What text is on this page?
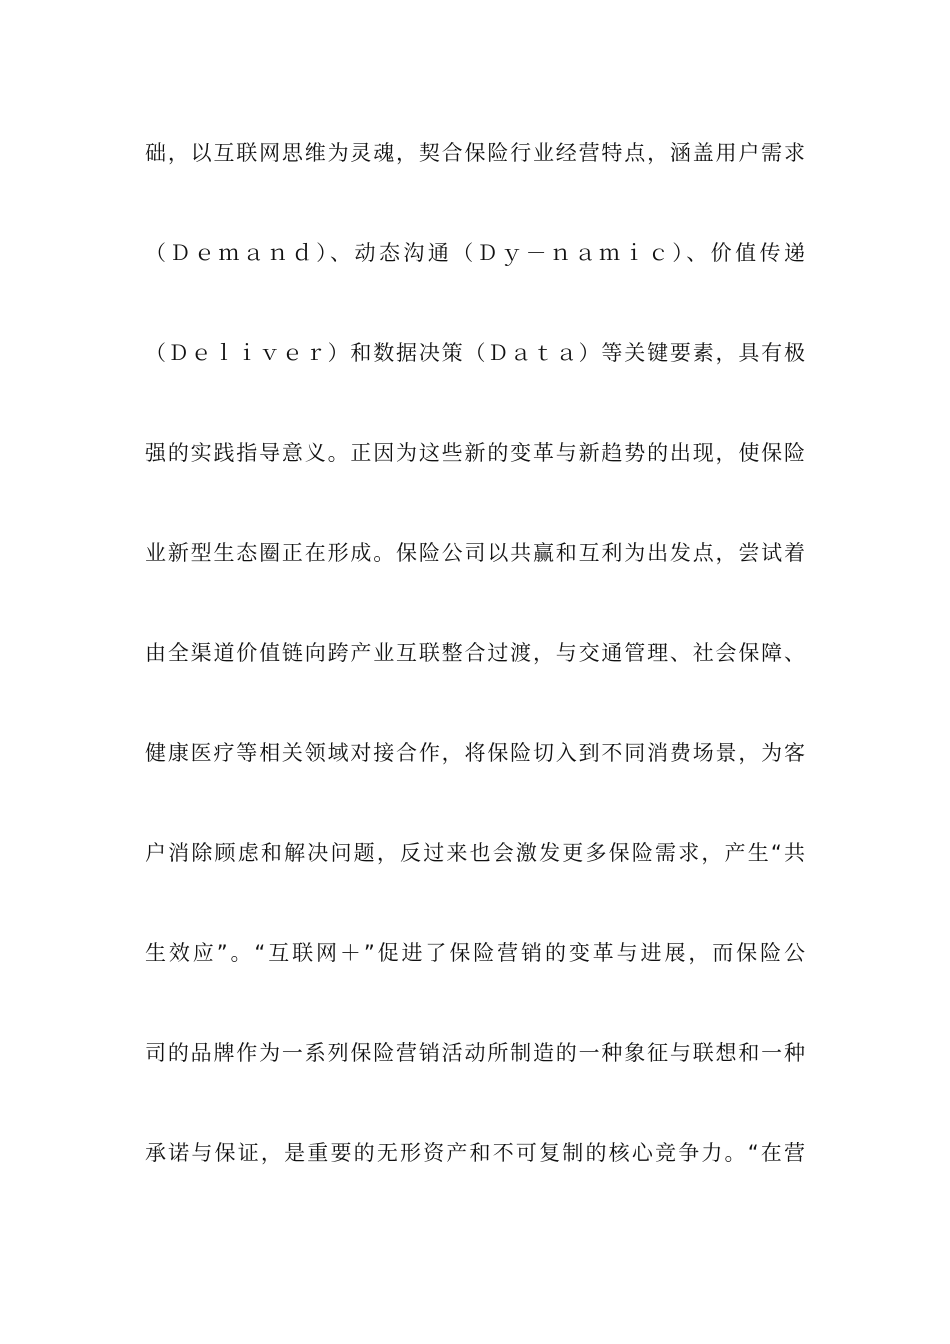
础，以互联网思维为灵魂，契合保险行业经营特点，涵盖用户需求
（Ｄｅｍａｎｄ）、动态沟通（Ｄｙ－ｎａｍｉｃ）、价值传递
（Ｄｅｌｉｖｅｒ）和数据决策（Ｄａｔａ）等关键要素，具有极
强的实践指导意义。正因为这些新的变革与新趋势的出现，使保险
业新型生态圈正在形成。保险公司以共赢和互利为出发点，尝试着
由全渠道价值链向跨产业互联整合过渡，与交通管理、社会保障、
健康医疗等相关领域对接合作，将保险切入到不同消费场景，为客
户消除顾虑和解决问题，反过来也会激发更多保险需求，产生“共
生效应”。“互联网＋”促进了保险营销的变革与进展，而保险公
司的品牌作为一系列保险营销活动所制造的一种象征与联想和一种
承诺与保证，是重要的无形资产和不可复制的核心竞争力。“在营
